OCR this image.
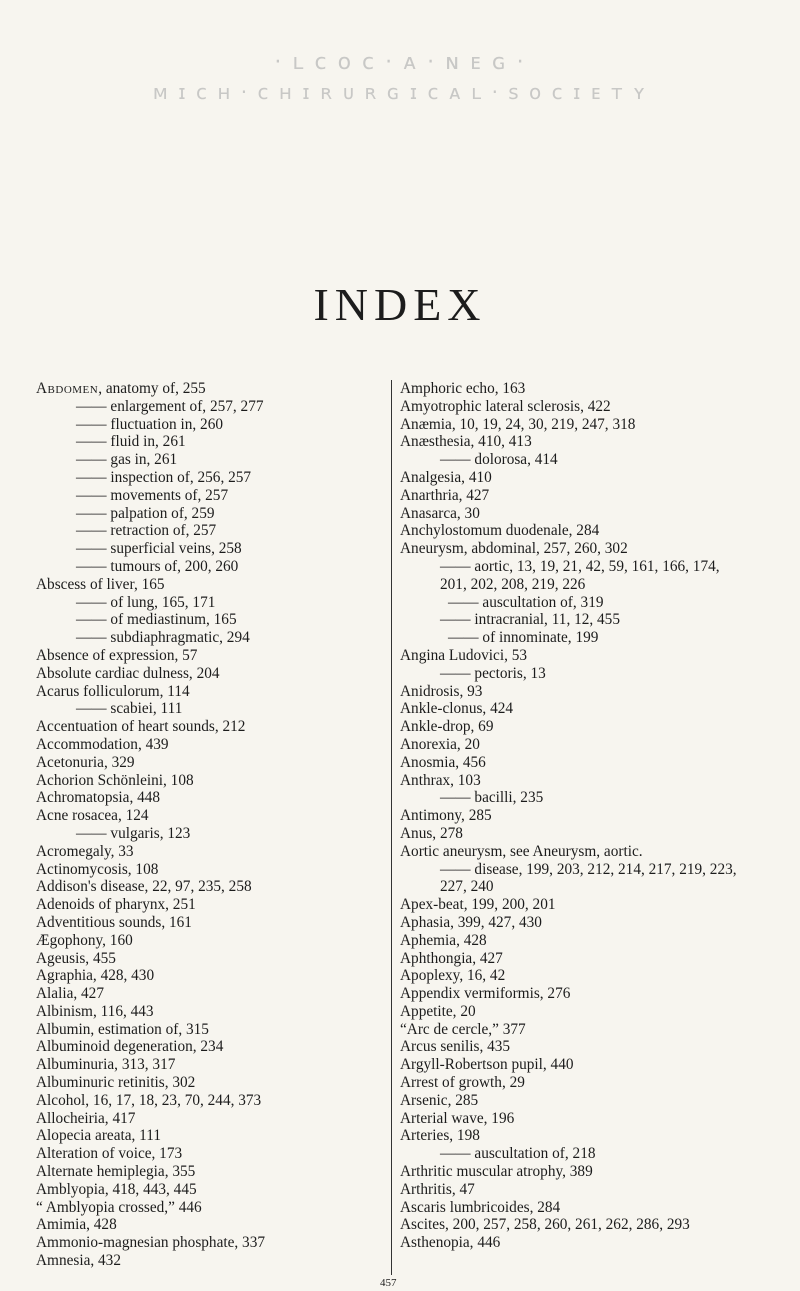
· ʟ ᴄ ᴏ ᴄ · ᴀ · ɴ ᴇ ɢ ·
ᴍ ɪ ᴄ ʜ · ᴄ ʜ ɪ ʀ ᴜ ʀ ɢ ɪ ᴄ ᴀ ʟ · s ᴏ ᴄ ɪ ᴇ ᴛ ʏ
INDEX
Abdomen, anatomy of, 255
—— enlargement of, 257, 277
—— fluctuation in, 260
—— fluid in, 261
—— gas in, 261
—— inspection of, 256, 257
—— movements of, 257
—— palpation of, 259
—— retraction of, 257
—— superficial veins, 258
—— tumours of, 200, 260
Abscess of liver, 165
—— of lung, 165, 171
—— of mediastinum, 165
—— subdiaphragmatic, 294
Absence of expression, 57
Absolute cardiac dulness, 204
Acarus folliculorum, 114
—— scabiei, 111
Accentuation of heart sounds, 212
Accommodation, 439
Acetonuria, 329
Achorion Schönleini, 108
Achromatopsia, 448
Acne rosacea, 124
—— vulgaris, 123
Acromegaly, 33
Actinomycosis, 108
Addison's disease, 22, 97, 235, 258
Adenoids of pharynx, 251
Adventitious sounds, 161
Ægophony, 160
Ageusis, 455
Agraphia, 428, 430
Alalia, 427
Albinism, 116, 443
Albumin, estimation of, 315
Albuminoid degeneration, 234
Albuminuria, 313, 317
Albuminuric retinitis, 302
Alcohol, 16, 17, 18, 23, 70, 244, 373
Allocheiria, 417
Alopecia areata, 111
Alteration of voice, 173
Alternate hemiplegia, 355
Amblyopia, 418, 443, 445
“ Amblyopia crossed,” 446
Amimia, 428
Ammonio-magnesian phosphate, 337
Amnesia, 432
Amphoric echo, 163
Amyotrophic lateral sclerosis, 422
Anæmia, 10, 19, 24, 30, 219, 247, 318
Anæsthesia, 410, 413
—— dolorosa, 414
Analgesia, 410
Anarthria, 427
Anasarca, 30
Anchylostomum duodenale, 284
Aneurysm, abdominal, 257, 260, 302
—— aortic, 13, 19, 21, 42, 59, 161, 166, 174, 201, 202, 208, 219, 226
—— auscultation of, 319
—— intracranial, 11, 12, 455
—— of innominate, 199
Angina Ludovici, 53
—— pectoris, 13
Anidrosis, 93
Ankle-clonus, 424
Ankle-drop, 69
Anorexia, 20
Anosmia, 456
Anthrax, 103
—— bacilli, 235
Antimony, 285
Anus, 278
Aortic aneurysm, see Aneurysm, aortic.
—— disease, 199, 203, 212, 214, 217, 219, 223, 227, 240
Apex-beat, 199, 200, 201
Aphasia, 399, 427, 430
Aphemia, 428
Aphthongia, 427
Apoplexy, 16, 42
Appendix vermiformis, 276
Appetite, 20
“Arc de cercle,” 377
Arcus senilis, 435
Argyll-Robertson pupil, 440
Arrest of growth, 29
Arsenic, 285
Arterial wave, 196
Arteries, 198
—— auscultation of, 218
Arthritic muscular atrophy, 389
Arthritis, 47
Ascaris lumbricoides, 284
Ascites, 200, 257, 258, 260, 261, 262, 286, 293
Asthenopia, 446
457
